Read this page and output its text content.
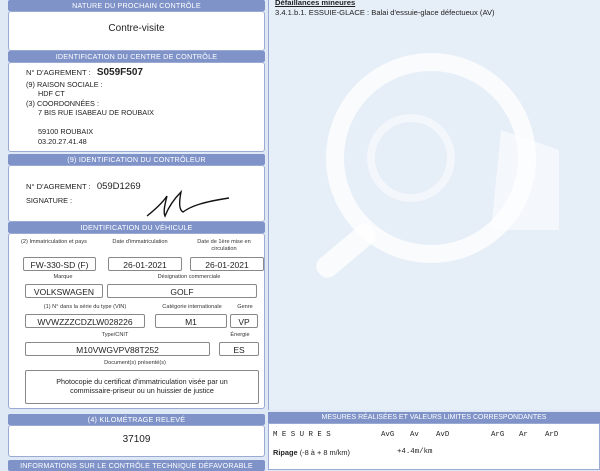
NATURE DU PROCHAIN CONTRÔLE
Contre-visite
IDENTIFICATION DU CENTRE DE CONTRÔLE
N° D'AGREMENT : S059F507
(9) RAISON SOCIALE :
HDF CT
(3) COORDONNÉES :
7 BIS RUE ISABEAU DE ROUBAIX
59100 ROUBAIX
03.20.27.41.48
(9) IDENTIFICATION DU CONTRÔLEUR
N° D'AGREMENT : 059D1269
SIGNATURE :
IDENTIFICATION DU VÉHICULE
(2) Immatriculation et pays	Date d'immatriculation	Date de 1ère mise en circulation
FW-330-SD (F)	26-01-2021	26-01-2021
Marque	Désignation commerciale
VOLKSWAGEN	GOLF
(1) N° dans la série du type (VIN)	Catégorie internationale	Genre
WVWZZZCDZLW028226	M1	VP
Type/CNIT	Énergie
M10VWGVPV88T252	ES
Document(s) présenté(s)
Photocopie du certificat d'immatriculation visée par un
commissaire-priseur ou un huissier de justice
(4) KILOMÉTRAGE RELEVÉ
37109
INFORMATIONS SUR LE CONTRÔLE TECHNIQUE DÉFAVORABLE
Défaillances mineures
3.4.1.b.1. ESSUIE-GLACE : Balai d'essuie-glace défectueux (AV)
MESURES RÉALISÉES ET VALEURS LIMITES CORRESPONDANTES
M E S U R E S	AvG Av AvD	ArG Ar ArD
Ripage (-8 à + 8 m/km)	+4.4m/km
